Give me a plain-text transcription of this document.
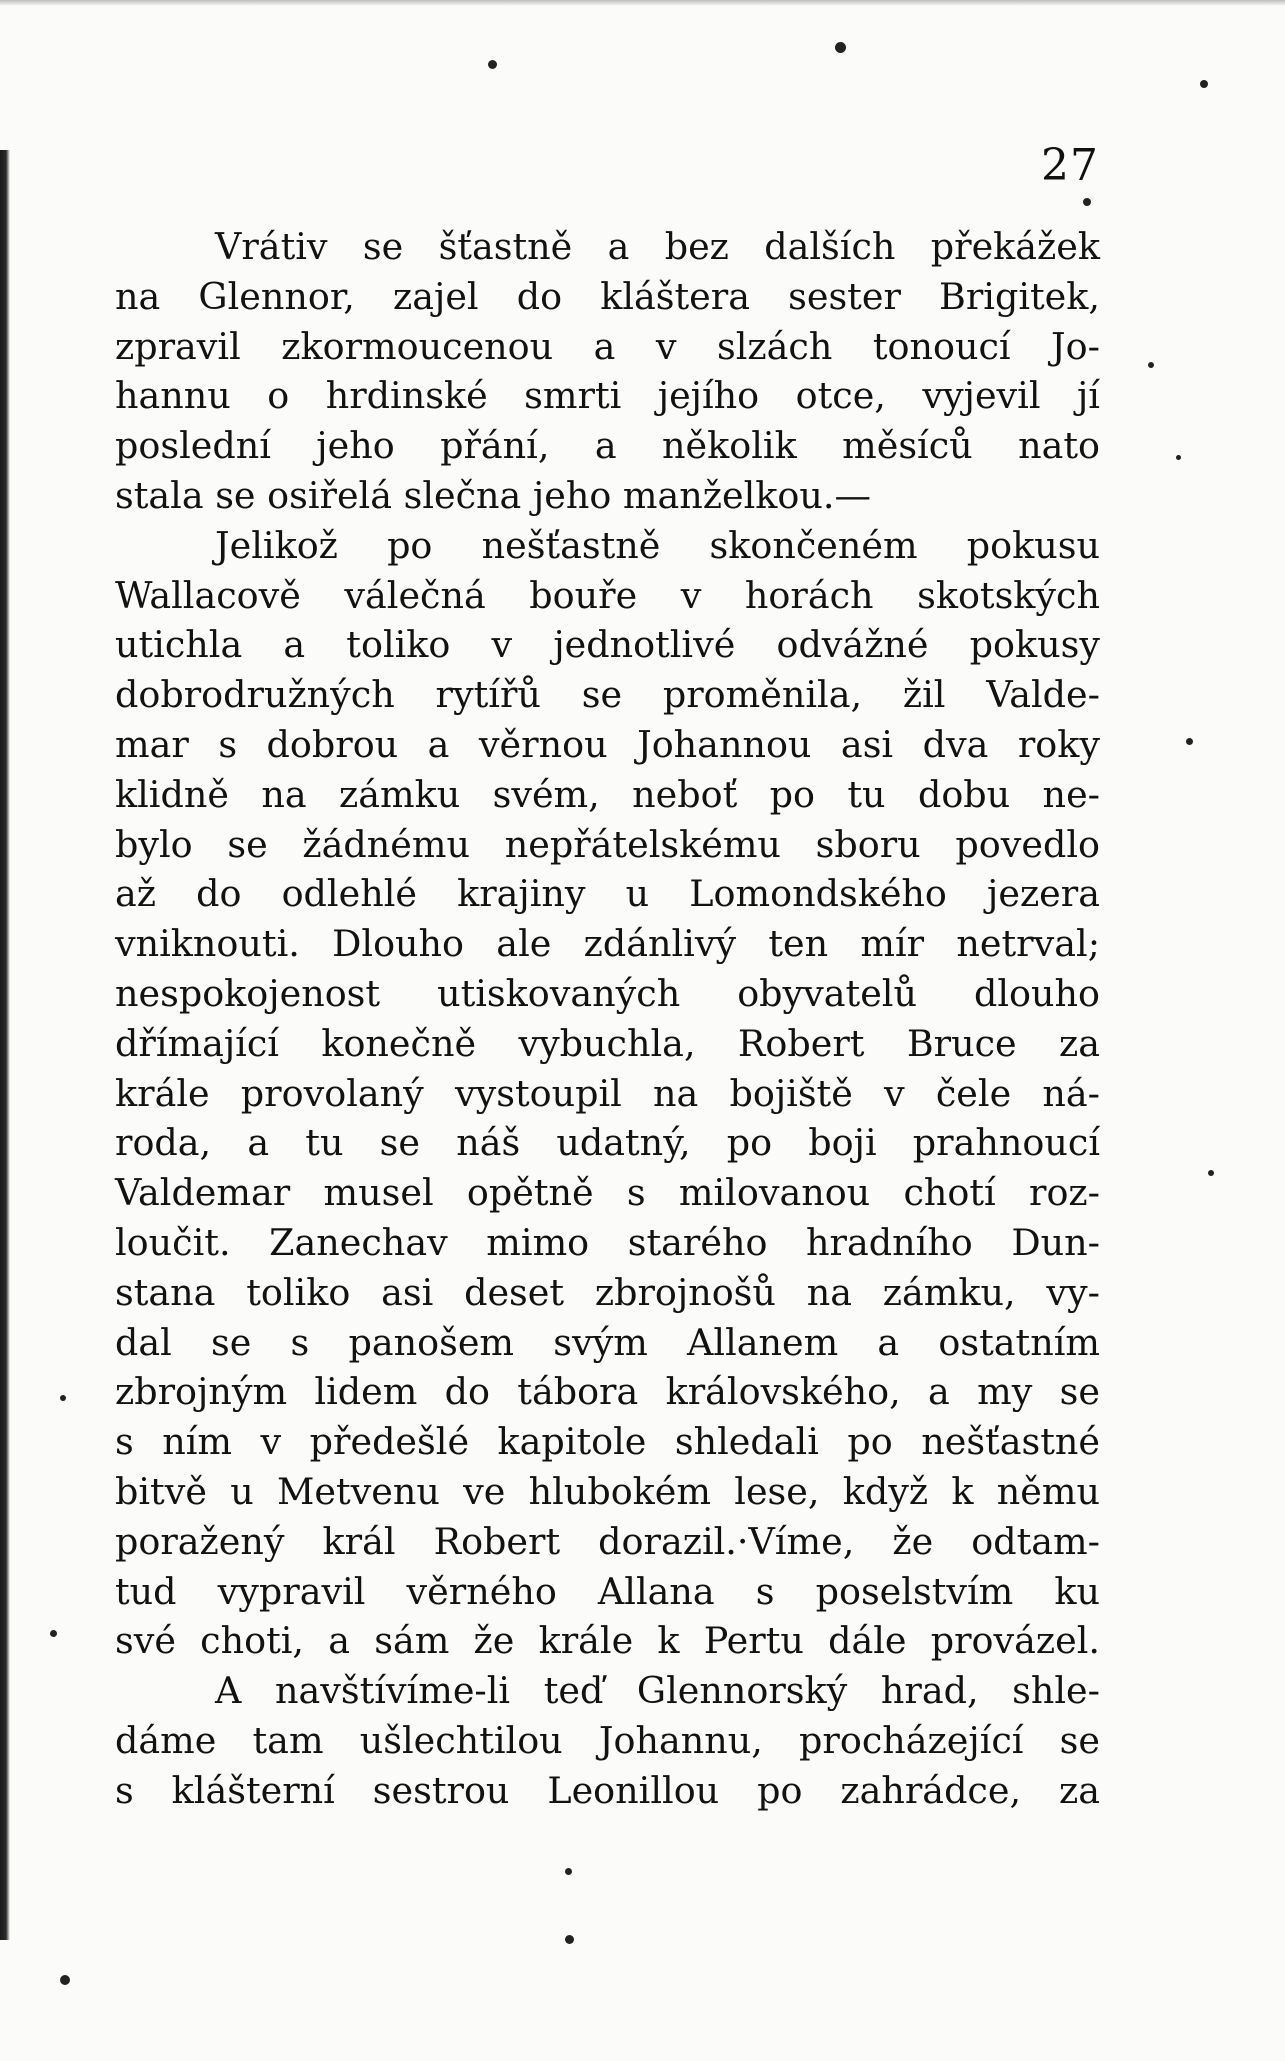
27
Vrátiv se šťastně a bez dalších překážek
na Glennor, zajel do kláštera sester Brigitek,
zpravil zkormoucenou a v slzách tonoucí Jo-
hannu o hrdinské smrti jejího otce, vyjevil jí
poslední jeho přání, a několik měsíců nato
stala se osiřelá slečna jeho manželkou.—
Jelikož po nešťastně skončeném pokusu
Wallacově válečná bouře v horách skotských
utichla a toliko v jednotlivé odvážné pokusy
dobrodružných rytířů se proměnila, žil Valde-
mar s dobrou a věrnou Johannou asi dva roky
klidně na zámku svém, neboť po tu dobu ne-
bylo se žádnému nepřátelskému sboru povedlo
až do odlehlé krajiny u Lomondského jezera
vniknouti. Dlouho ale zdánlivý ten mír netrval;
nespokojenost utiskovaných obyvatelů dlouho
dřímající konečně vybuchla, Robert Bruce za
krále provolaný vystoupil na bojiště v čele ná-
roda, a tu se náš udatný, po boji prahnoucí
Valdemar musel opětně s milovanou chotí roz-
loučit. Zanechav mimo starého hradního Dun-
stana toliko asi deset zbrojnošů na zámku, vy-
dal se s panošem svým Allanem a ostatním
zbrojným lidem do tábora královského, a my se
s ním v předešlé kapitole shledali po nešťastné
bitvě u Metvenu ve hlubokém lese, když k němu
poražený král Robert dorazil.·Víme, že odtam-
tud vypravil věrného Allana s poselstvím ku
své choti, a sám že krále k Pertu dále provázel.
A navštívíme-li teď Glennorský hrad, shle-
dáme tam ušlechtilou Johannu, procházející se
s klášterní sestrou Leonillou po zahrádce, za
